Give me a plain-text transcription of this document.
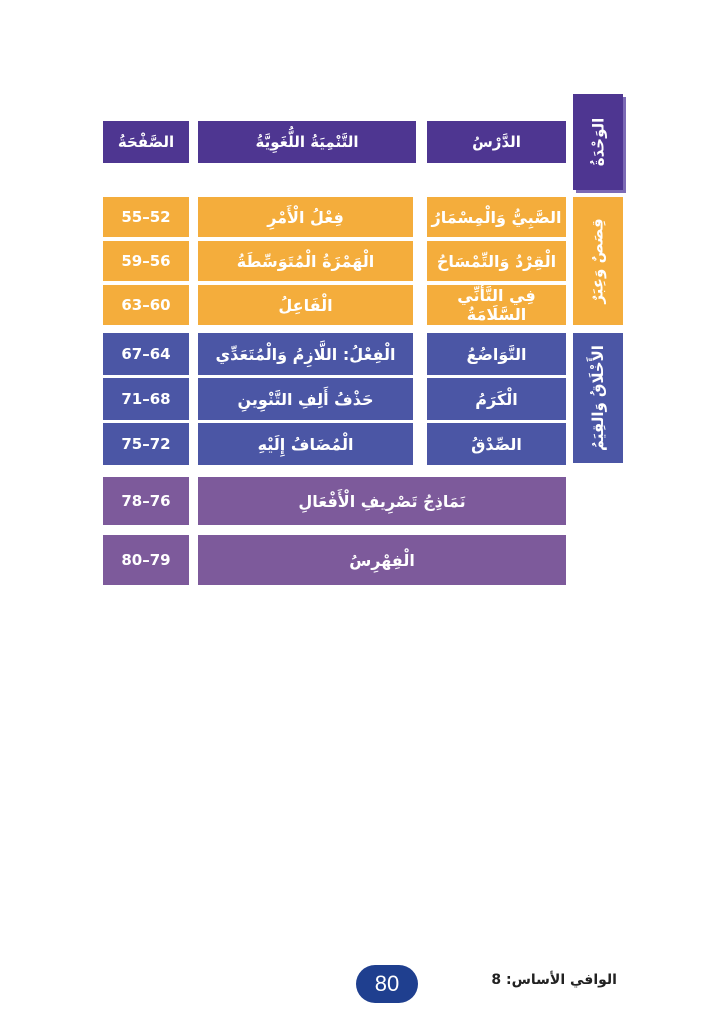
الوَحْدَةُ
الدَّرْسُ
التَّنْمِيَةُ اللُّغَوِيَّةُ
الصَّفْحَةُ
قِصَصٌ وَعِبَرٌ
الصَّبِيُّ وَالْمِسْمَارُ
فِعْلُ الْأَمْرِ
55–52
الْقِرْدُ وَالتِّمْسَاحُ
الْهَمْزَةُ الْمُتَوَسِّطَةُ
59–56
فِي التَّأَنِّي السَّلَامَةُ
الْفَاعِلُ
63–60
الأَخْلَاقُ وَالقِيَمُ
التَّوَاضُعُ
الْفِعْلُ: اللَّازِمُ وَالْمُتَعَدِّي
67–64
الْكَرَمُ
حَذْفُ أَلِفِ التَّنْوِينِ
71–68
الصِّدْقُ
الْمُضَافُ إِلَيْهِ
75–72
نَمَاذِجُ تَصْرِيفِ الْأَفْعَالِ
78–76
الْفِهْرِسُ
80–79
80	الوافي الأساس: 8
